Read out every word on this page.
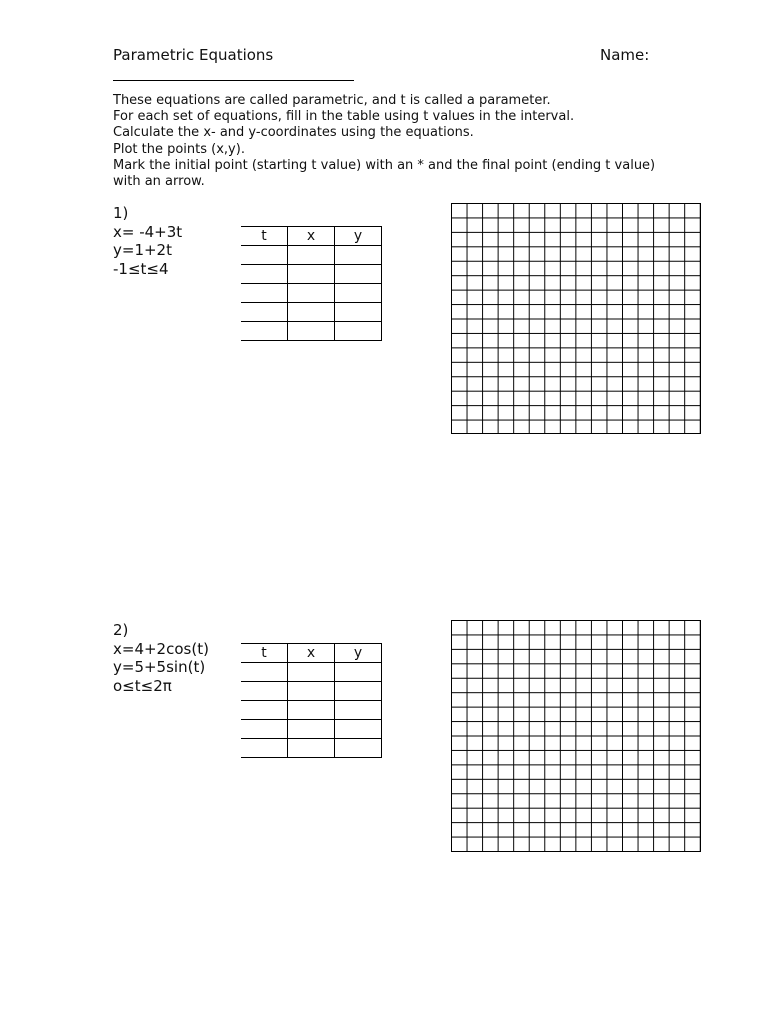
Parametric Equations	Name:
These equations are called parametric, and t is called a parameter.
For each set of equations, fill in the table using t values in the interval.
Calculate the x- and y-coordinates using the equations.
Plot the points (x,y).
Mark the initial point (starting t value) with an * and the final point (ending t value)
with an arrow.
1)
x= -4+3t
y=1+2t
-1≤t≤4
t	x	y

2)
x=4+2cos(t)
y=5+5sin(t)
o≤t≤2π
t	x	y
